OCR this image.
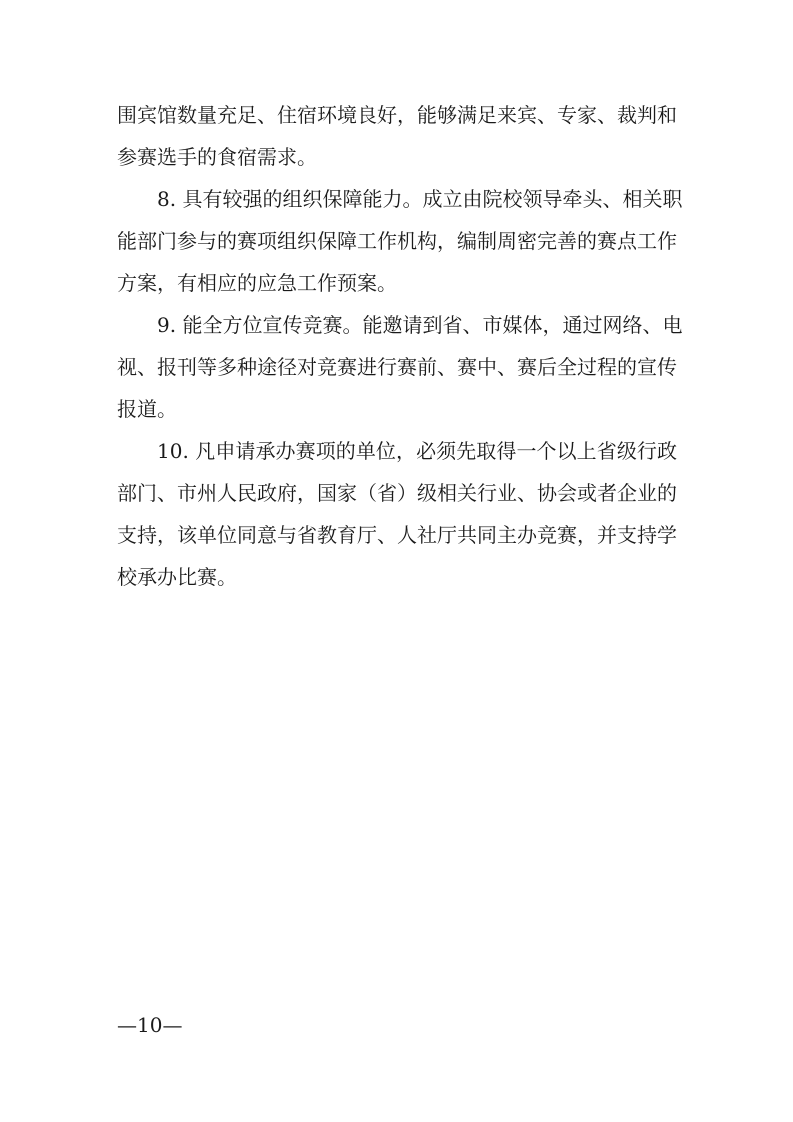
围宾馆数量充足、住宿环境良好，能够满足来宾、专家、裁判和

参赛选手的食宿需求。

8. 具有较强的组织保障能力。成立由院校领导牵头、相关职

能部门参与的赛项组织保障工作机构，编制周密完善的赛点工作

方案，有相应的应急工作预案。

9. 能全方位宣传竞赛。能邀请到省、市媒体，通过网络、电

视、报刊等多种途径对竞赛进行赛前、赛中、赛后全过程的宣传

报道。

10. 凡申请承办赛项的单位，必须先取得一个以上省级行政

部门、市州人民政府，国家（省）级相关行业、协会或者企业的

支持，该单位同意与省教育厅、人社厅共同主办竞赛，并支持学

校承办比赛。

—10—
